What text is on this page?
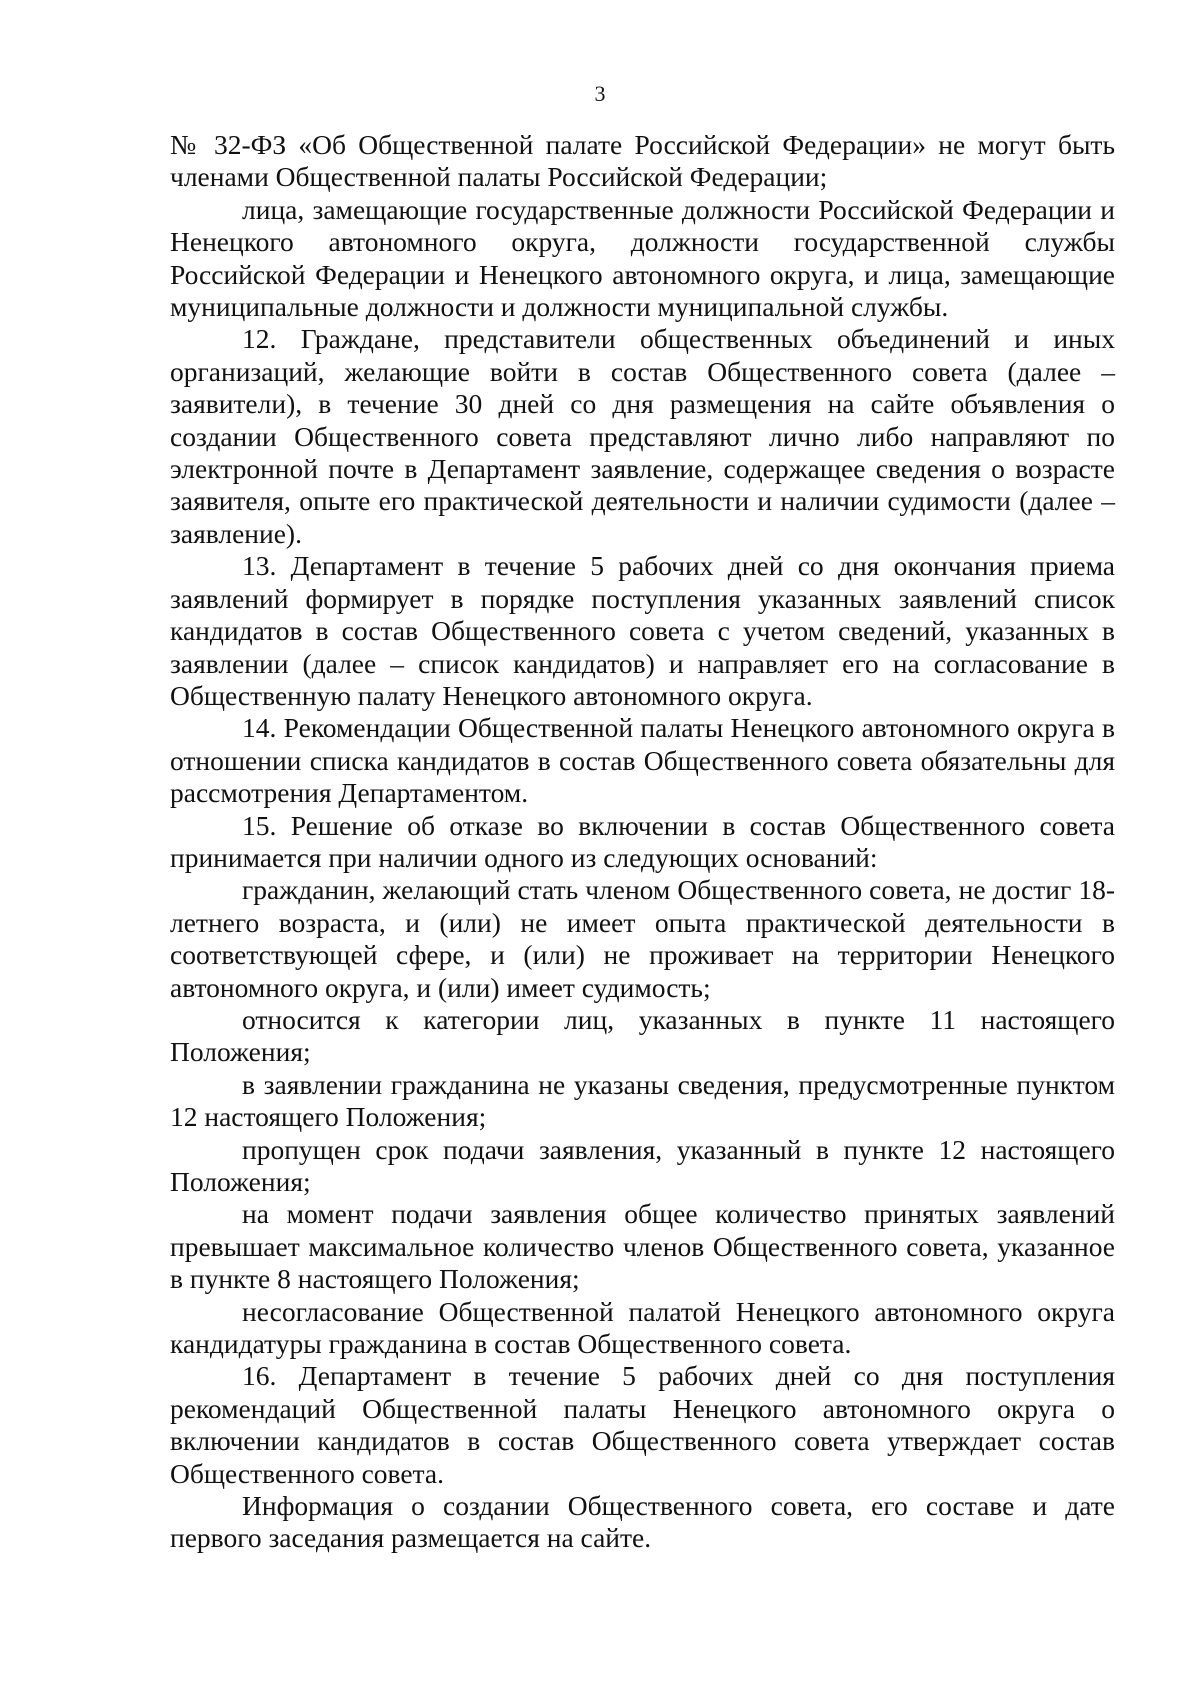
3

№ 32-ФЗ «Об Общественной палате Российской Федерации» не могут быть членами Общественной палаты Российской Федерации;

лица, замещающие государственные должности Российской Федерации и Ненецкого автономного округа, должности государственной службы Российской Федерации и Ненецкого автономного округа, и лица, замещающие муниципальные должности и должности муниципальной службы.

12. Граждане, представители общественных объединений и иных организаций, желающие войти в состав Общественного совета (далее – заявители), в течение 30 дней со дня размещения на сайте объявления о создании Общественного совета представляют лично либо направляют по электронной почте в Департамент заявление, содержащее сведения о возрасте заявителя, опыте его практической деятельности и наличии судимости (далее – заявление).

13. Департамент в течение 5 рабочих дней со дня окончания приема заявлений формирует в порядке поступления указанных заявлений список кандидатов в состав Общественного совета с учетом сведений, указанных в заявлении (далее – список кандидатов) и направляет его на согласование в Общественную палату Ненецкого автономного округа.

14. Рекомендации Общественной палаты Ненецкого автономного округа в отношении списка кандидатов в состав Общественного совета обязательны для рассмотрения Департаментом.

15. Решение об отказе во включении в состав Общественного совета принимается при наличии одного из следующих оснований:

гражданин, желающий стать членом Общественного совета, не достиг 18-летнего возраста, и (или) не имеет опыта практической деятельности в соответствующей сфере, и (или) не проживает на территории Ненецкого автономного округа, и (или) имеет судимость;

относится к категории лиц, указанных в пункте 11 настоящего Положения;

в заявлении гражданина не указаны сведения, предусмотренные пунктом 12 настоящего Положения;

пропущен срок подачи заявления, указанный в пункте 12 настоящего Положения;

на момент подачи заявления общее количество принятых заявлений превышает максимальное количество членов Общественного совета, указанное в пункте 8 настоящего Положения;

несогласование Общественной палатой Ненецкого автономного округа кандидатуры гражданина в состав Общественного совета.

16. Департамент в течение 5 рабочих дней со дня поступления рекомендаций Общественной палаты Ненецкого автономного округа о включении кандидатов в состав Общественного совета утверждает состав Общественного совета.

Информация о создании Общественного совета, его составе и дате первого заседания размещается на сайте.
